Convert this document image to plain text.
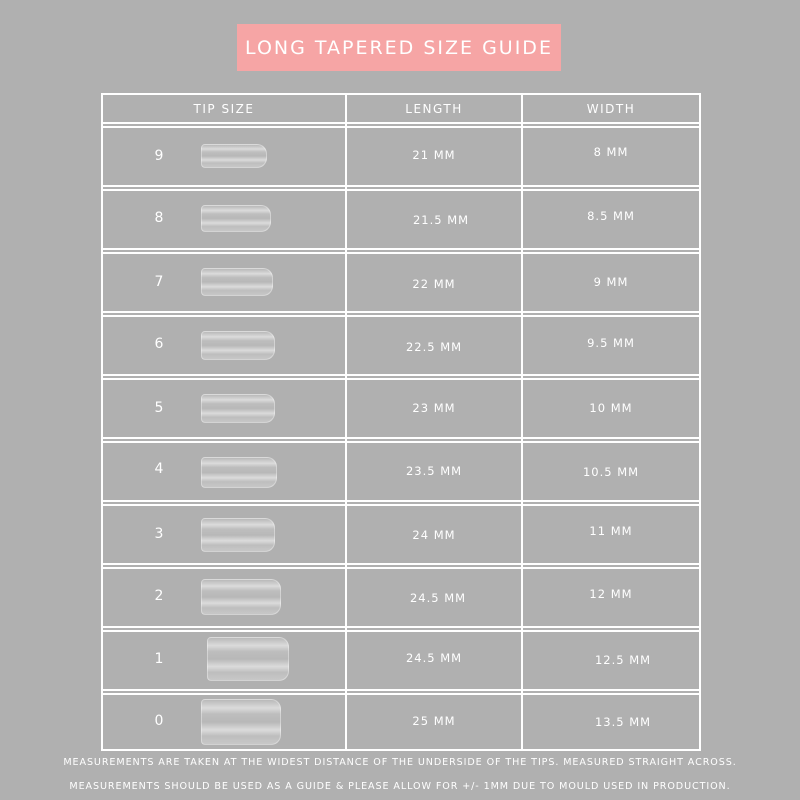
LONG TAPERED SIZE GUIDE
TIP SIZE	LENGTH	WIDTH
9	21 MM	8 MM
8	21.5 MM	8.5 MM
7	22 MM	9 MM
6	22.5 MM	9.5 MM
5	23 MM	10 MM
4	23.5 MM	10.5 MM
3	24 MM	11 MM
2	24.5 MM	12 MM
1	24.5 MM	12.5 MM
0	25 MM	13.5 MM
MEASUREMENTS ARE TAKEN AT THE WIDEST DISTANCE OF THE UNDERSIDE OF THE TIPS. MEASURED STRAIGHT ACROSS.
MEASUREMENTS SHOULD BE USED AS A GUIDE & PLEASE ALLOW FOR +/- 1MM DUE TO MOULD USED IN PRODUCTION.
